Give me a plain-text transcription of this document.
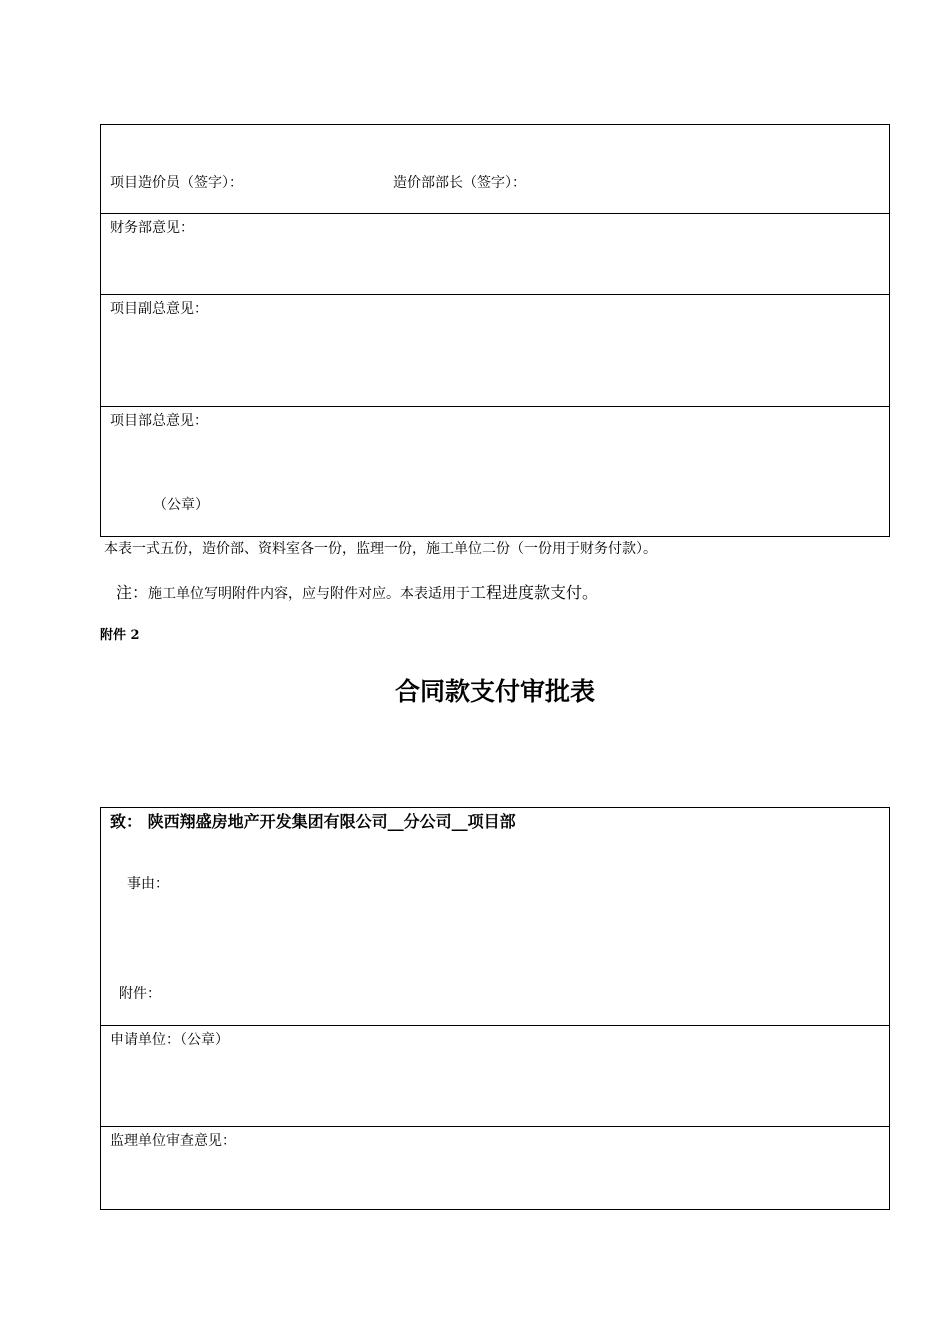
项目造价员（签字）：	造价部部长（签字）：
财务部意见：
项目副总意见：
项目部总意见：
（公章）
本表一式五份，造价部、资料室各一份，监理一份，施工单位二份（一份用于财务付款）。
注：施工单位写明附件内容，应与附件对应。本表适用于工程进度款支付。
附件 2
合同款支付审批表
致： 陕西翔盛房地产开发集团有限公司__分公司__项目部
事由：
附件：
申请单位：（公章）
监理单位审查意见：
